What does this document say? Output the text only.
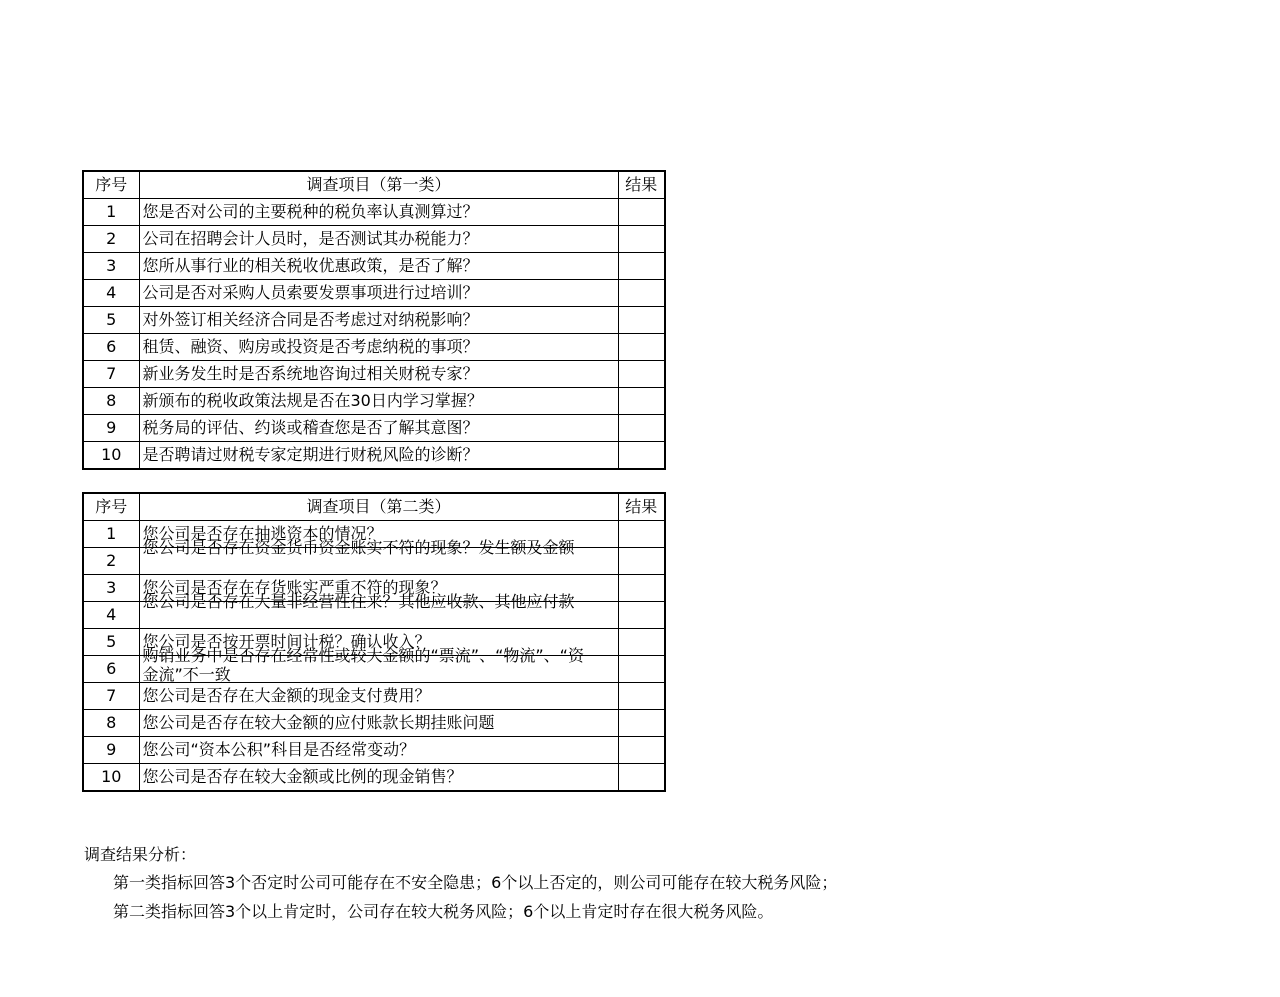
序号	调查项目（第一类）	结果
1	您是否对公司的主要税种的税负率认真测算过？	
2	公司在招聘会计人员时，是否测试其办税能力？	
3	您所从事行业的相关税收优惠政策，是否了解？	
4	公司是否对采购人员索要发票事项进行过培训？	
5	对外签订相关经济合同是否考虑过对纳税影响？	
6	租赁、融资、购房或投资是否考虑纳税的事项？	
7	新业务发生时是否系统地咨询过相关财税专家？	
8	新颁布的税收政策法规是否在30日内学习掌握？	
9	税务局的评估、约谈或稽查您是否了解其意图？	
10	是否聘请过财税专家定期进行财税风险的诊断？	
序号	调查项目（第二类）	结果
1	您公司是否存在抽逃资本的情况？	
2	您公司是否存在资金货币资金账实不符的现象？发生额及金额	

3	您公司是否存在存货账实严重不符的现象？	
4	您公司是否存在大量非经营性往来？其他应收款、其他应付款	

5	您公司是否按开票时间计税？确认收入？	
6	购销业务中是否存在经常性或较大金额的“票流”、“物流”、“资金流”不一致	

7	您公司是否存在大金额的现金支付费用？	
8	您公司是否存在较大金额的应付账款长期挂账问题	
9	您公司“资本公积”科目是否经常变动？	
10	您公司是否存在较大金额或比例的现金销售？	
调查结果分析：
第一类指标回答3个否定时公司可能存在不安全隐患；6个以上否定的，则公司可能存在较大税务风险；
第二类指标回答3个以上肯定时，公司存在较大税务风险；6个以上肯定时存在很大税务风险。
